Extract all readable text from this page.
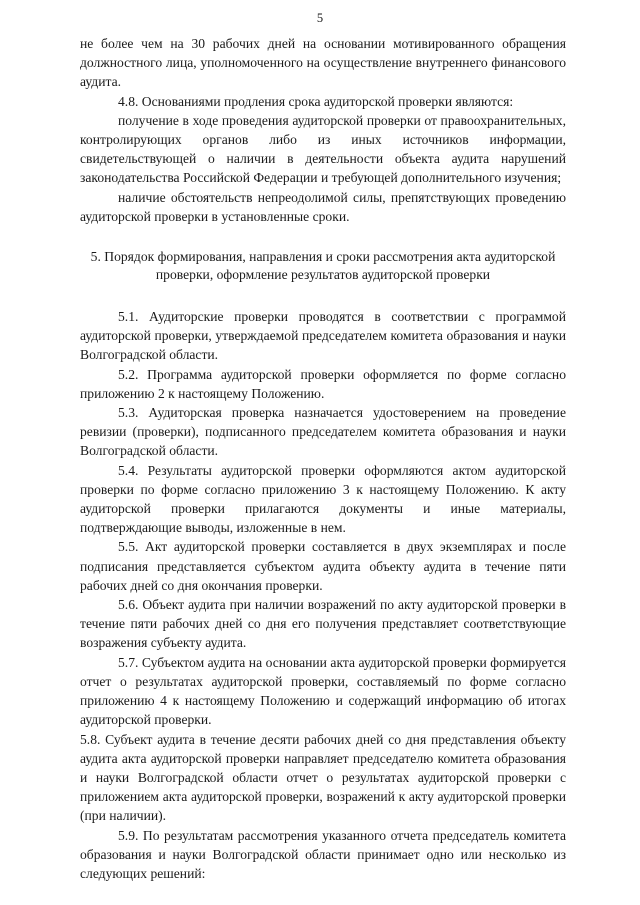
5

не более чем на 30 рабочих дней на основании мотивированного обращения должностного лица, уполномоченного на осуществление внутреннего финансового аудита.

4.8. Основаниями продления срока аудиторской проверки являются:

получение в ходе проведения аудиторской проверки от правоохранительных, контролирующих органов либо из иных источников информации, свидетельствующей о наличии в деятельности объекта аудита нарушений законодательства Российской Федерации и требующей дополнительного изучения;

наличие обстоятельств непреодолимой силы, препятствующих проведению аудиторской проверки в установленные сроки.

5. Порядок формирования, направления и сроки рассмотрения акта аудиторской проверки, оформление результатов аудиторской проверки

5.1. Аудиторские проверки проводятся в соответствии с программой аудиторской проверки, утверждаемой председателем комитета образования и науки Волгоградской области.

5.2. Программа аудиторской проверки оформляется по форме согласно приложению 2 к настоящему Положению.

5.3. Аудиторская проверка назначается удостоверением на проведение ревизии (проверки), подписанного председателем комитета образования и науки Волгоградской области.

5.4. Результаты аудиторской проверки оформляются актом аудиторской проверки по форме согласно приложению 3 к настоящему Положению. К акту аудиторской проверки прилагаются документы и иные материалы, подтверждающие выводы, изложенные в нем.

5.5. Акт аудиторской проверки составляется в двух экземплярах и после подписания представляется субъектом аудита объекту аудита в течение пяти рабочих дней со дня окончания проверки.

5.6. Объект аудита при наличии возражений по акту аудиторской проверки в течение пяти рабочих дней со дня его получения представляет соответствующие возражения субъекту аудита.

5.7. Субъектом аудита на основании акта аудиторской проверки формируется отчет о результатах аудиторской проверки, составляемый по форме согласно приложению 4 к настоящему Положению и содержащий информацию об итогах аудиторской проверки.

5.8. Субъект аудита в течение десяти рабочих дней со дня представления объекту аудита акта аудиторской проверки направляет председателю комитета образования и науки Волгоградской области отчет о результатах аудиторской проверки с приложением акта аудиторской проверки, возражений к акту аудиторской проверки (при наличии).

5.9. По результатам рассмотрения указанного отчета председатель комитета образования и науки Волгоградской области принимает одно или несколько из следующих решений:
